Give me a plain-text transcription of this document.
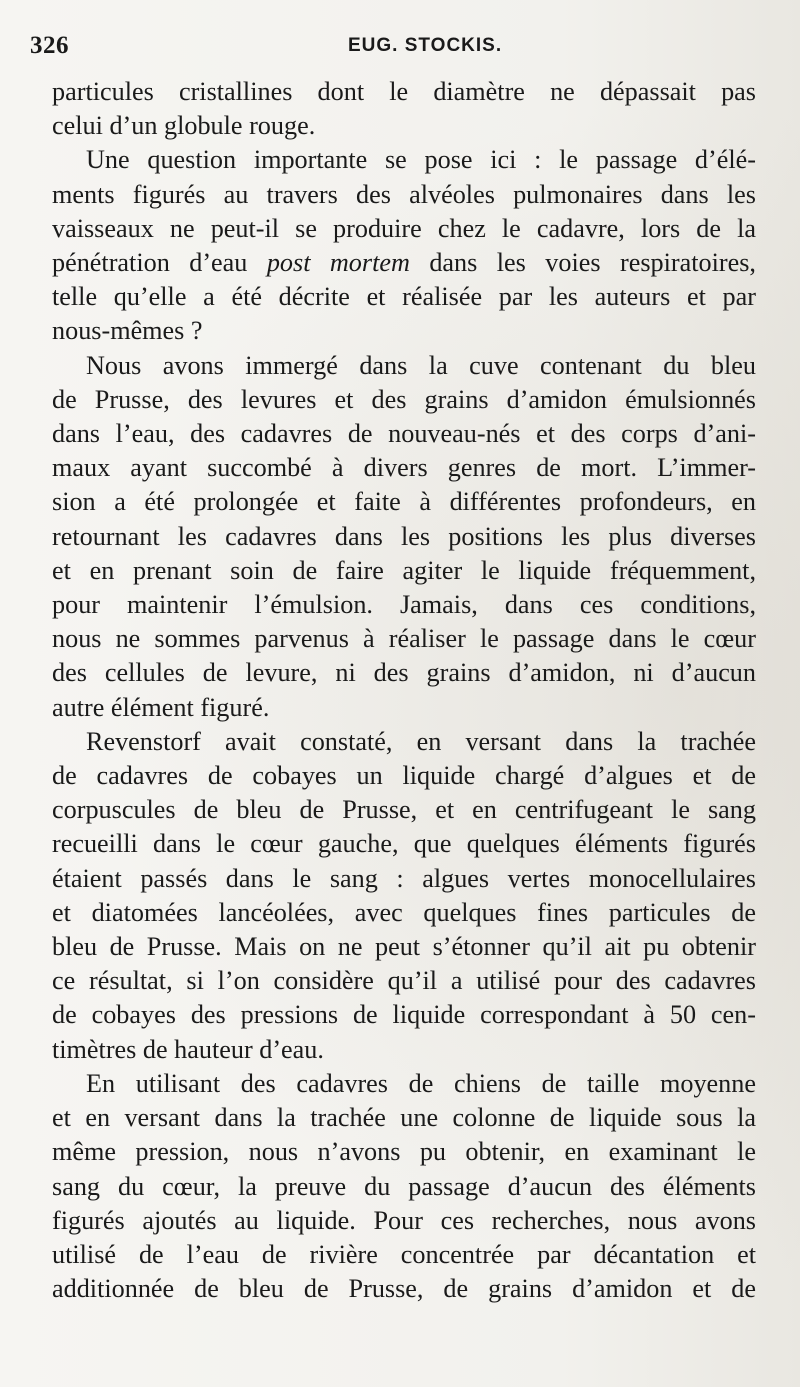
326	EUG. STOCKIS.
particules cristallines dont le diamètre ne dépassait pas
celui d’un globule rouge.
Une question importante se pose ici : le passage d’élé-
ments figurés au travers des alvéoles pulmonaires dans les
vaisseaux ne peut-il se produire chez le cadavre, lors de la
pénétration d’eau post mortem dans les voies respiratoires,
telle qu’elle a été décrite et réalisée par les auteurs et par
nous-mêmes ?
Nous avons immergé dans la cuve contenant du bleu
de Prusse, des levures et des grains d’amidon émulsionnés
dans l’eau, des cadavres de nouveau-nés et des corps d’ani-
maux ayant succombé à divers genres de mort. L’immer-
sion a été prolongée et faite à différentes profondeurs, en
retournant les cadavres dans les positions les plus diverses
et en prenant soin de faire agiter le liquide fréquemment,
pour maintenir l’émulsion. Jamais, dans ces conditions,
nous ne sommes parvenus à réaliser le passage dans le cœur
des cellules de levure, ni des grains d’amidon, ni d’aucun
autre élément figuré.
Revenstorf avait constaté, en versant dans la trachée
de cadavres de cobayes un liquide chargé d’algues et de
corpuscules de bleu de Prusse, et en centrifugeant le sang
recueilli dans le cœur gauche, que quelques éléments figurés
étaient passés dans le sang : algues vertes monocellulaires
et diatomées lancéolées, avec quelques fines particules de
bleu de Prusse. Mais on ne peut s’étonner qu’il ait pu obtenir
ce résultat, si l’on considère qu’il a utilisé pour des cadavres
de cobayes des pressions de liquide correspondant à 50 cen-
timètres de hauteur d’eau.
En utilisant des cadavres de chiens de taille moyenne
et en versant dans la trachée une colonne de liquide sous la
même pression, nous n’avons pu obtenir, en examinant le
sang du cœur, la preuve du passage d’aucun des éléments
figurés ajoutés au liquide. Pour ces recherches, nous avons
utilisé de l’eau de rivière concentrée par décantation et
additionnée de bleu de Prusse, de grains d’amidon et de
